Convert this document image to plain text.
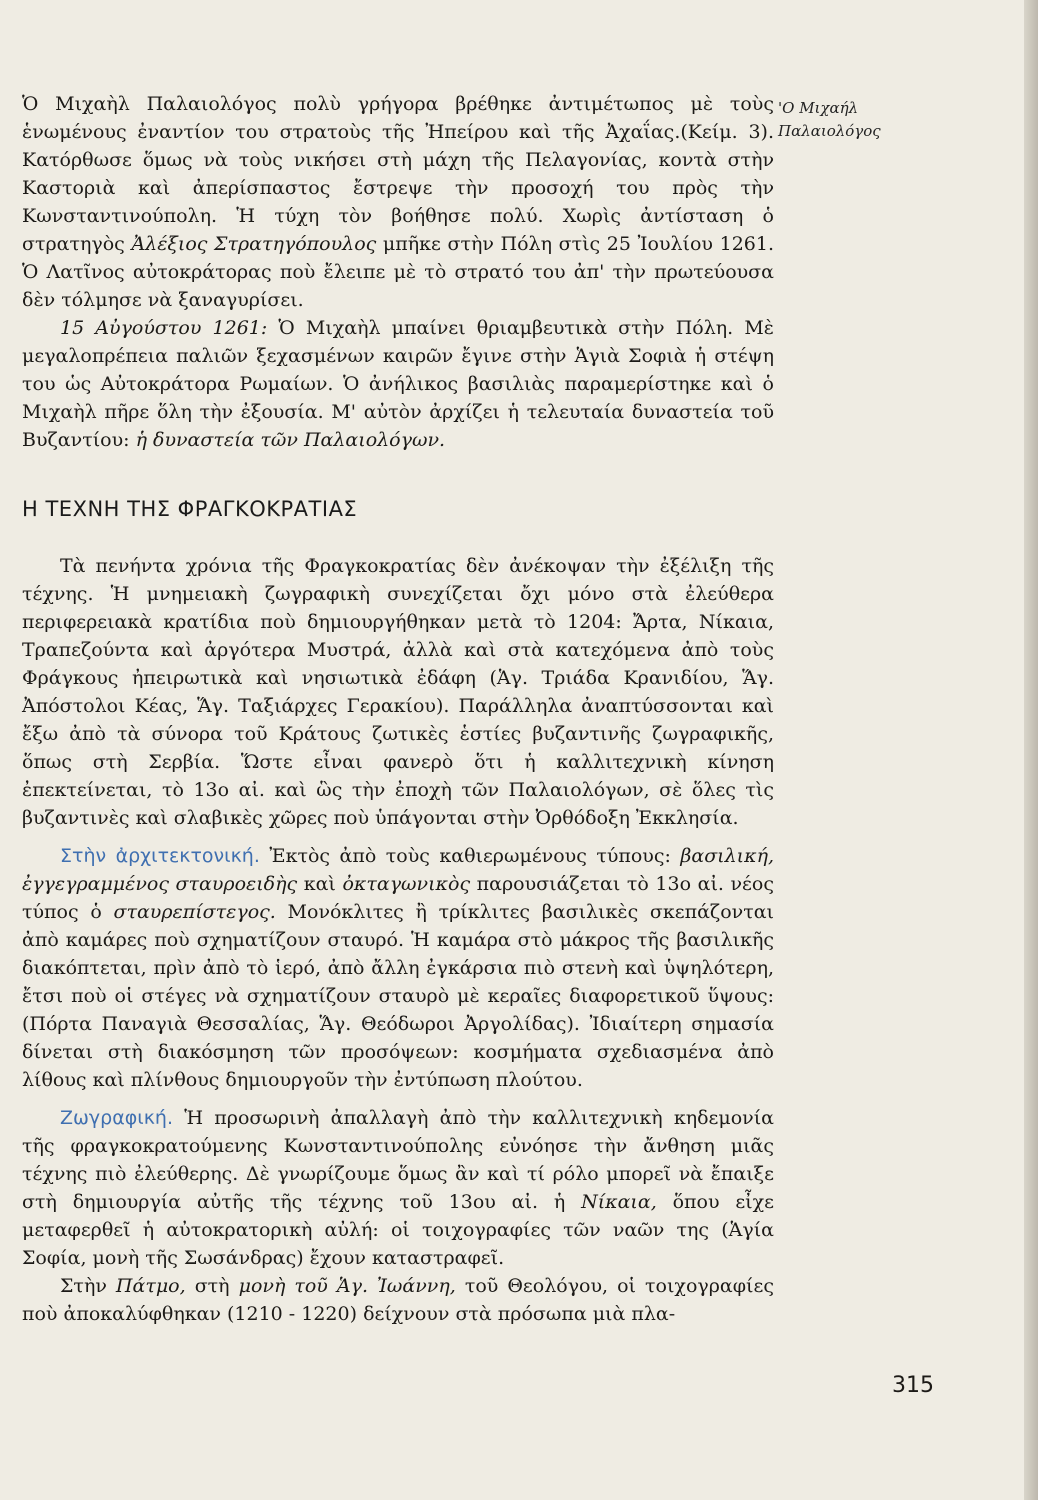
'Ο Μιχαήλ
Παλαιολόγος

Ὁ Μιχαὴλ Παλαιολόγος πολὺ γρήγορα βρέθηκε ἀντιμέτωπος μὲ τοὺς ἑνωμένους ἐναντίον του στρατοὺς τῆς Ἠπείρου καὶ τῆς Ἀχαΐας.(Κείμ. 3). Κατόρθωσε ὅμως νὰ τοὺς νικήσει στὴ μάχη τῆς Πελαγονίας, κοντὰ στὴν Καστοριὰ καὶ ἀπερίσπαστος ἔστρεψε τὴν προσοχή του πρὸς τὴν Κωνσταντινούπολη. Ἡ τύχη τὸν βοήθησε πολύ. Χωρὶς ἀντίσταση ὁ στρατηγὸς Ἀλέξιος Στρατηγόπουλος μπῆκε στὴν Πόλη στὶς 25 Ἰουλίου 1261. Ὁ Λατῖνος αὐτοκράτορας ποὺ ἔλειπε μὲ τὸ στρατό του ἀπ' τὴν πρωτεύουσα δὲν τόλμησε νὰ ξαναγυρίσει.

15 Αὐγούστου 1261: Ὁ Μιχαὴλ μπαίνει θριαμβευτικὰ στὴν Πόλη. Μὲ μεγαλοπρέπεια παλιῶν ξεχασμένων καιρῶν ἔγινε στὴν Ἁγιὰ Σοφιὰ ἡ στέψη του ὡς Αὐτοκράτορα Ρωμαίων. Ὁ ἀνήλικος βασιλιὰς παραμερίστηκε καὶ ὁ Μιχαὴλ πῆρε ὅλη τὴν ἐξουσία. Μ' αὐτὸν ἀρχίζει ἡ τελευταία δυναστεία τοῦ Βυζαντίου: ἡ δυναστεία τῶν Παλαιολόγων.

Η ΤΕΧΝΗ ΤΗΣ ΦΡΑΓΚΟΚΡΑΤΙΑΣ

Τὰ πενήντα χρόνια τῆς Φραγκοκρατίας δὲν ἀνέκοψαν τὴν ἐξέλιξη τῆς τέχνης. Ἡ μνημειακὴ ζωγραφικὴ συνεχίζεται ὄχι μόνο στὰ ἐλεύθερα περιφερειακὰ κρατίδια ποὺ δημιουργήθηκαν μετὰ τὸ 1204: Ἄρτα, Νίκαια, Τραπεζούντα καὶ ἀργότερα Μυστρά, ἀλλὰ καὶ στὰ κατεχόμενα ἀπὸ τοὺς Φράγκους ἠπειρωτικὰ καὶ νησιωτικὰ ἐδάφη (Ἁγ. Τριάδα Κρανιδίου, Ἅγ. Ἀπόστολοι Κέας, Ἅγ. Ταξιάρχες Γερακίου). Παράλληλα ἀναπτύσσονται καὶ ἔξω ἀπὸ τὰ σύνορα τοῦ Κράτους ζωτικὲς ἑστίες βυζαντινῆς ζωγραφικῆς, ὅπως στὴ Σερβία. Ὥστε εἶναι φανερὸ ὅτι ἡ καλλιτεχνικὴ κίνηση ἐπεκτείνεται, τὸ 13ο αἰ. καὶ ὣς τὴν ἐποχὴ τῶν Παλαιολόγων, σὲ ὅλες τὶς βυζαντινὲς καὶ σλαβικὲς χῶρες ποὺ ὑπάγονται στὴν Ὀρθόδοξη Ἐκκλησία.

Στὴν ἀρχιτεκτονική. Ἐκτὸς ἀπὸ τοὺς καθιερωμένους τύπους: βασιλική, ἐγγεγραμμένος σταυροειδὴς καὶ ὀκταγωνικὸς παρουσιάζεται τὸ 13ο αἰ. νέος τύπος ὁ σταυρεπίστεγος. Μονόκλιτες ἢ τρίκλιτες βασιλικὲς σκεπάζονται ἀπὸ καμάρες ποὺ σχηματίζουν σταυρό. Ἡ καμάρα στὸ μάκρος τῆς βασιλικῆς διακόπτεται, πρὶν ἀπὸ τὸ ἱερό, ἀπὸ ἄλλη ἐγκάρσια πιὸ στενὴ καὶ ὑψηλότερη, ἔτσι ποὺ οἱ στέγες νὰ σχηματίζουν σταυρὸ μὲ κεραῖες διαφορετικοῦ ὕψους: (Πόρτα Παναγιὰ Θεσσαλίας, Ἅγ. Θεόδωροι Ἀργολίδας). Ἰδιαίτερη σημασία δίνεται στὴ διακόσμηση τῶν προσόψεων: κοσμήματα σχεδιασμένα ἀπὸ λίθους καὶ πλίνθους δημιουργοῦν τὴν ἐντύπωση πλούτου.

Ζωγραφική. Ἡ προσωρινὴ ἀπαλλαγὴ ἀπὸ τὴν καλλιτεχνικὴ κηδεμονία τῆς φραγκοκρατούμενης Κωνσταντινούπολης εὐνόησε τὴν ἄνθηση μιᾶς τέχνης πιὸ ἐλεύθερης. Δὲ γνωρίζουμε ὅμως ἂν καὶ τί ρόλο μπορεῖ νὰ ἔπαιξε στὴ δημιουργία αὐτῆς τῆς τέχνης τοῦ 13ου αἰ. ἡ Νίκαια, ὅπου εἶχε μεταφερθεῖ ἡ αὐτοκρατορικὴ αὐλή: οἱ τοιχογραφίες τῶν ναῶν της (Ἁγία Σοφία, μονὴ τῆς Σωσάνδρας) ἔχουν καταστραφεῖ.

Στὴν Πάτμο, στὴ μονὴ τοῦ Ἁγ. Ἰωάννη, τοῦ Θεολόγου, οἱ τοιχογραφίες ποὺ ἀποκαλύφθηκαν (1210 - 1220) δείχνουν στὰ πρόσωπα μιὰ πλα-

315
